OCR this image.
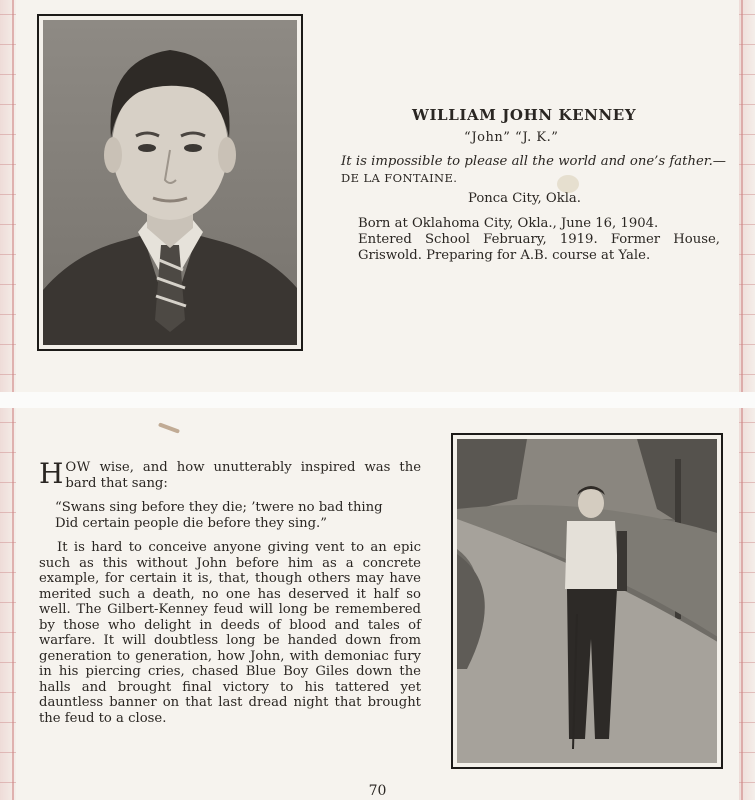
WILLIAM JOHN KENNEY
“John” “J. K.”
It is impossible to please all the world and one’s father.—DE LA FONTAINE.
Ponca City, Okla.

Born at Oklahoma City, Okla., June 16, 1904.

Entered School February, 1919. Former House, Griswold. Preparing for A.B. course at Yale.

HOW wise, and how unutterably inspired was the bard that sang:

“Swans sing before they die; ’twere no bad thing
Did certain people die before they sing.”

It is hard to conceive anyone giving vent to an epic such as this without John before him as a concrete example, for certain it is, that, though others may have merited such a death, no one has deserved it half so well. The Gilbert-Kenney feud will long be remembered by those who delight in deeds of blood and tales of warfare. It will doubtless long be handed down from generation to generation, how John, with demoniac fury in his piercing cries, chased Blue Boy Giles down the halls and brought final victory to his tattered yet dauntless banner on that last dread night that brought the feud to a close.

70
